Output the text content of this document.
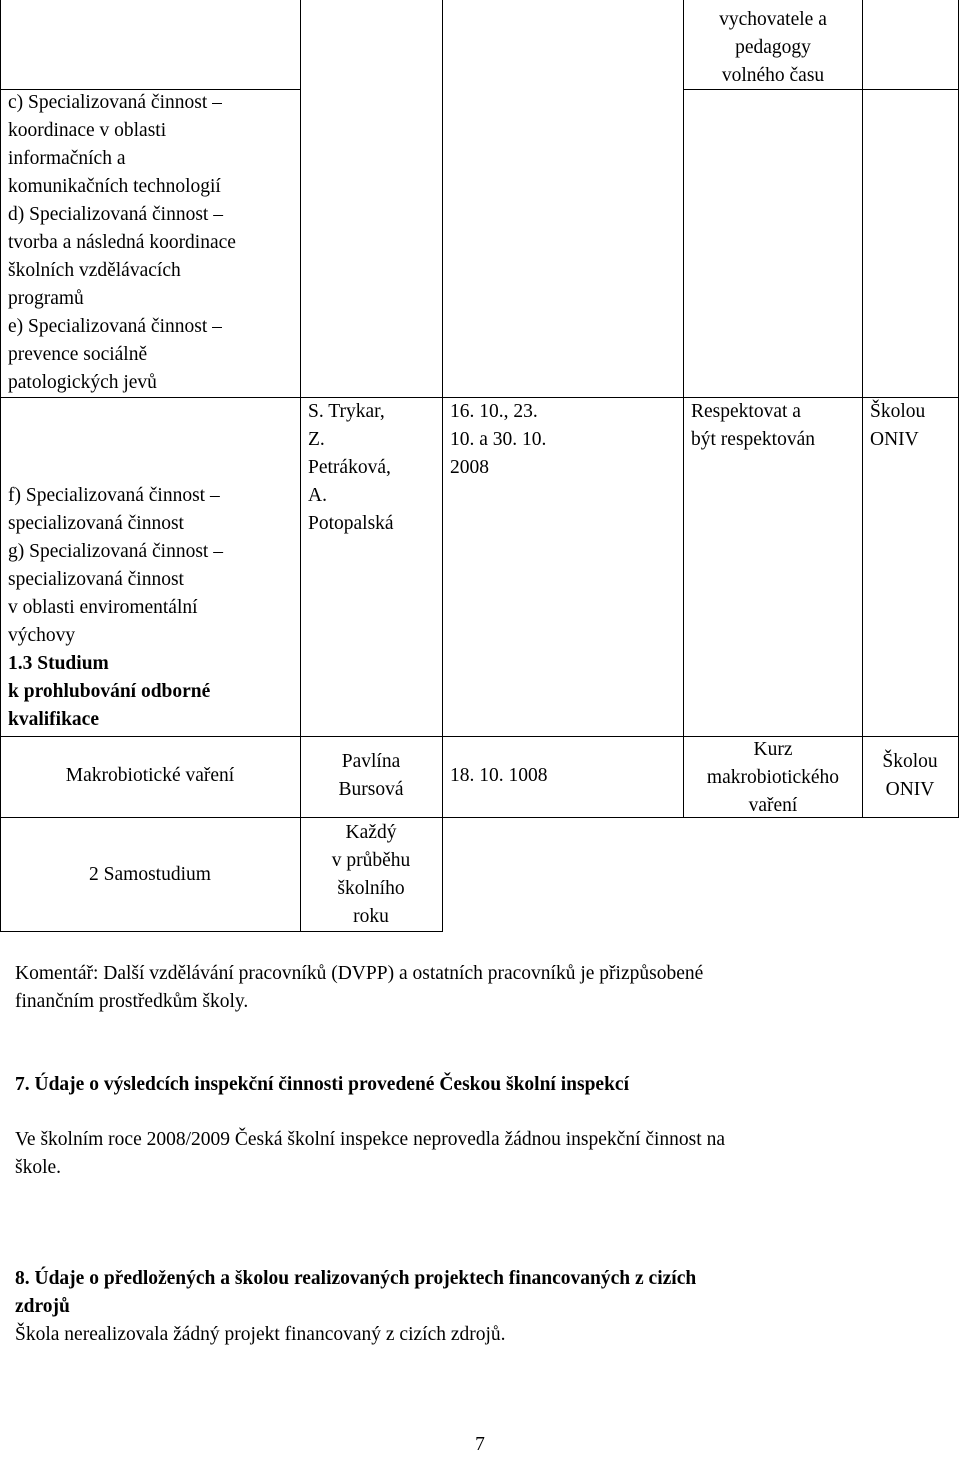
vychovatele a
pedagogy
volného času
c) Specializovaná činnost –
koordinace v oblasti
informačních a
komunikačních technologií
d) Specializovaná činnost –
tvorba a následná koordinace
školních vzdělávacích
programů
e) Specializovaná činnost –
prevence sociálně
patologických jevů
f) Specializovaná činnost –
specializovaná činnost
g) Specializovaná činnost –
specializovaná činnost
v oblasti enviromentální
výchovy
1.3 Studium
k prohlubování odborné
kvalifikace
S. Trykar,
Z.
Petráková,
A.
Potopalská
16. 10., 23.
10. a 30. 10.
2008
Respektovat a
být respektován
Školou
ONIV
Makrobiotické vaření
Pavlína
Bursová
18. 10. 1008
Kurz
makrobiotického
vaření
Školou
ONIV
2 Samostudium
Každý
v průběhu
školního
roku
Komentář: Další vzdělávání pracovníků (DVPP) a ostatních pracovníků je přizpůsobené
finančním prostředkům školy.
7. Údaje o výsledcích inspekční činnosti provedené Českou školní inspekcí
Ve školním roce 2008/2009 Česká školní inspekce neprovedla žádnou inspekční činnost na
škole.
8. Údaje o předložených a školou realizovaných projektech financovaných z cizích
zdrojů
Škola nerealizovala žádný projekt financovaný z cizích zdrojů.
7
